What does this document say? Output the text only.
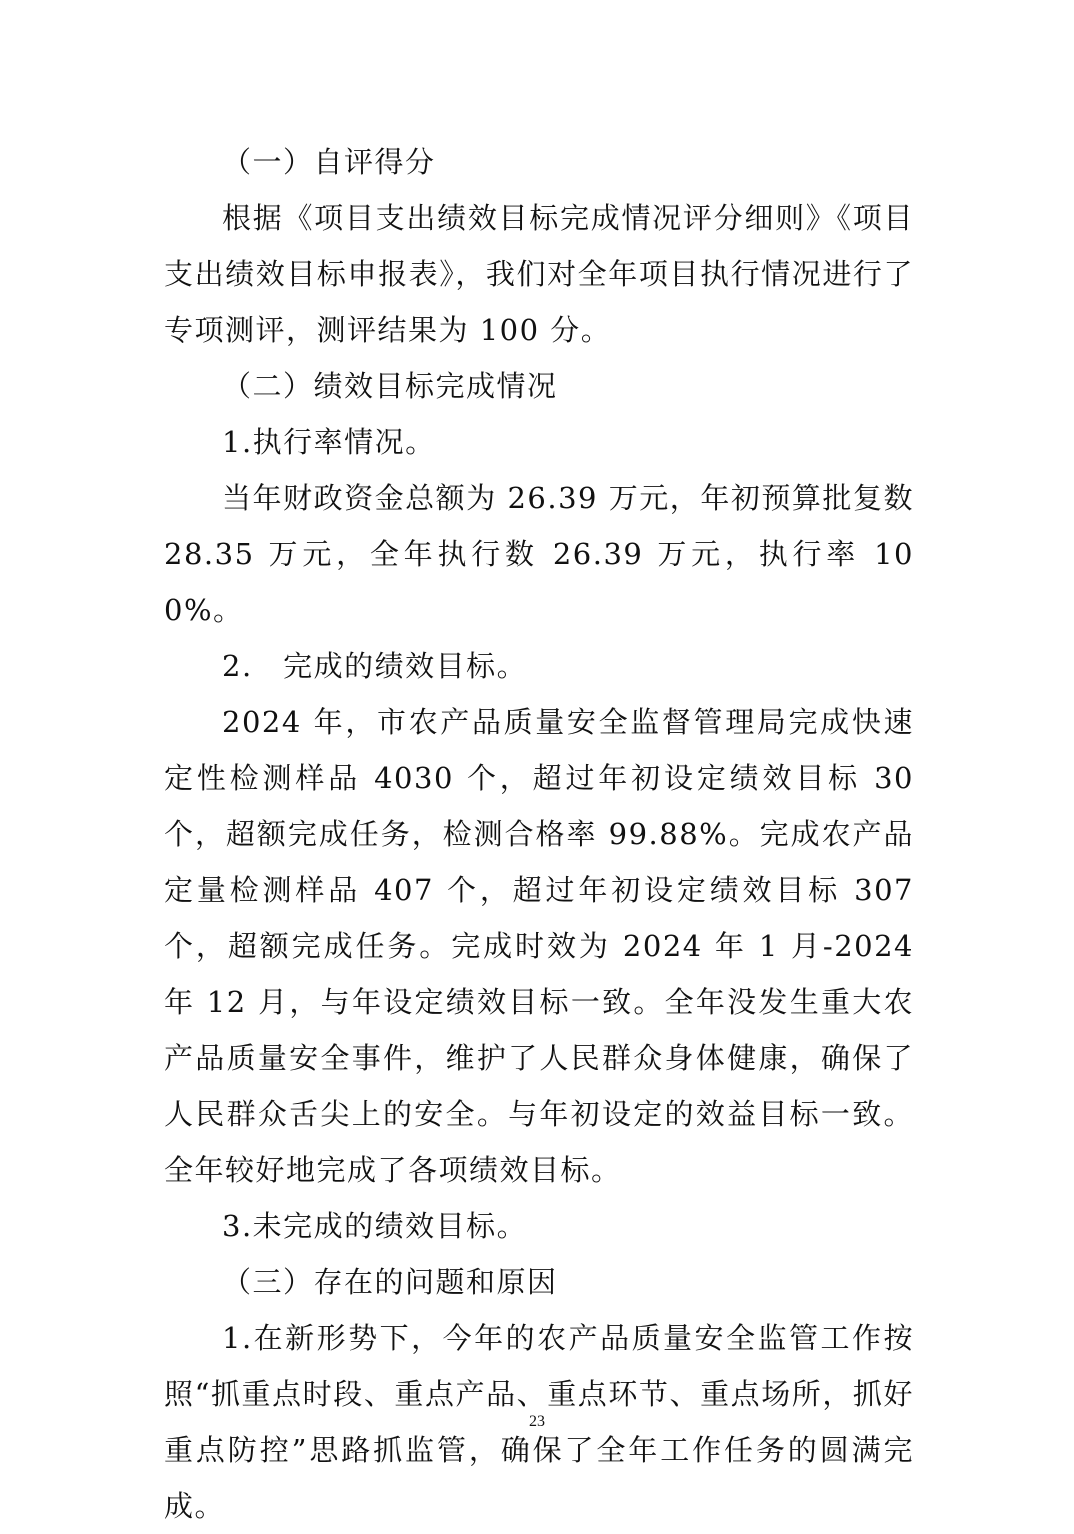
（一）自评得分

根据《项目支出绩效目标完成情况评分细则》《项目支出绩效目标申报表》，我们对全年项目执行情况进行了专项测评，测评结果为 100 分。

（二）绩效目标完成情况

1.执行率情况。

当年财政资金总额为 26.39 万元，年初预算批复数 28.35 万元，全年执行数 26.39 万元，执行率 100%。

2.　完成的绩效目标。

2024 年，市农产品质量安全监督管理局完成快速定性检测样品 4030 个，超过年初设定绩效目标 30 个，超额完成任务，检测合格率 99.88%。完成农产品定量检测样品 407 个，超过年初设定绩效目标 307 个，超额完成任务。完成时效为 2024 年 1 月-2024 年 12 月，与年设定绩效目标一致。全年没发生重大农产品质量安全事件，维护了人民群众身体健康，确保了人民群众舌尖上的安全。与年初设定的效益目标一致。全年较好地完成了各项绩效目标。

3.未完成的绩效目标。

（三）存在的问题和原因

1.在新形势下，今年的农产品质量安全监管工作按照“抓重点时段、重点产品、重点环节、重点场所，抓好重点防控”思路抓监管，确保了全年工作任务的圆满完成。

23
